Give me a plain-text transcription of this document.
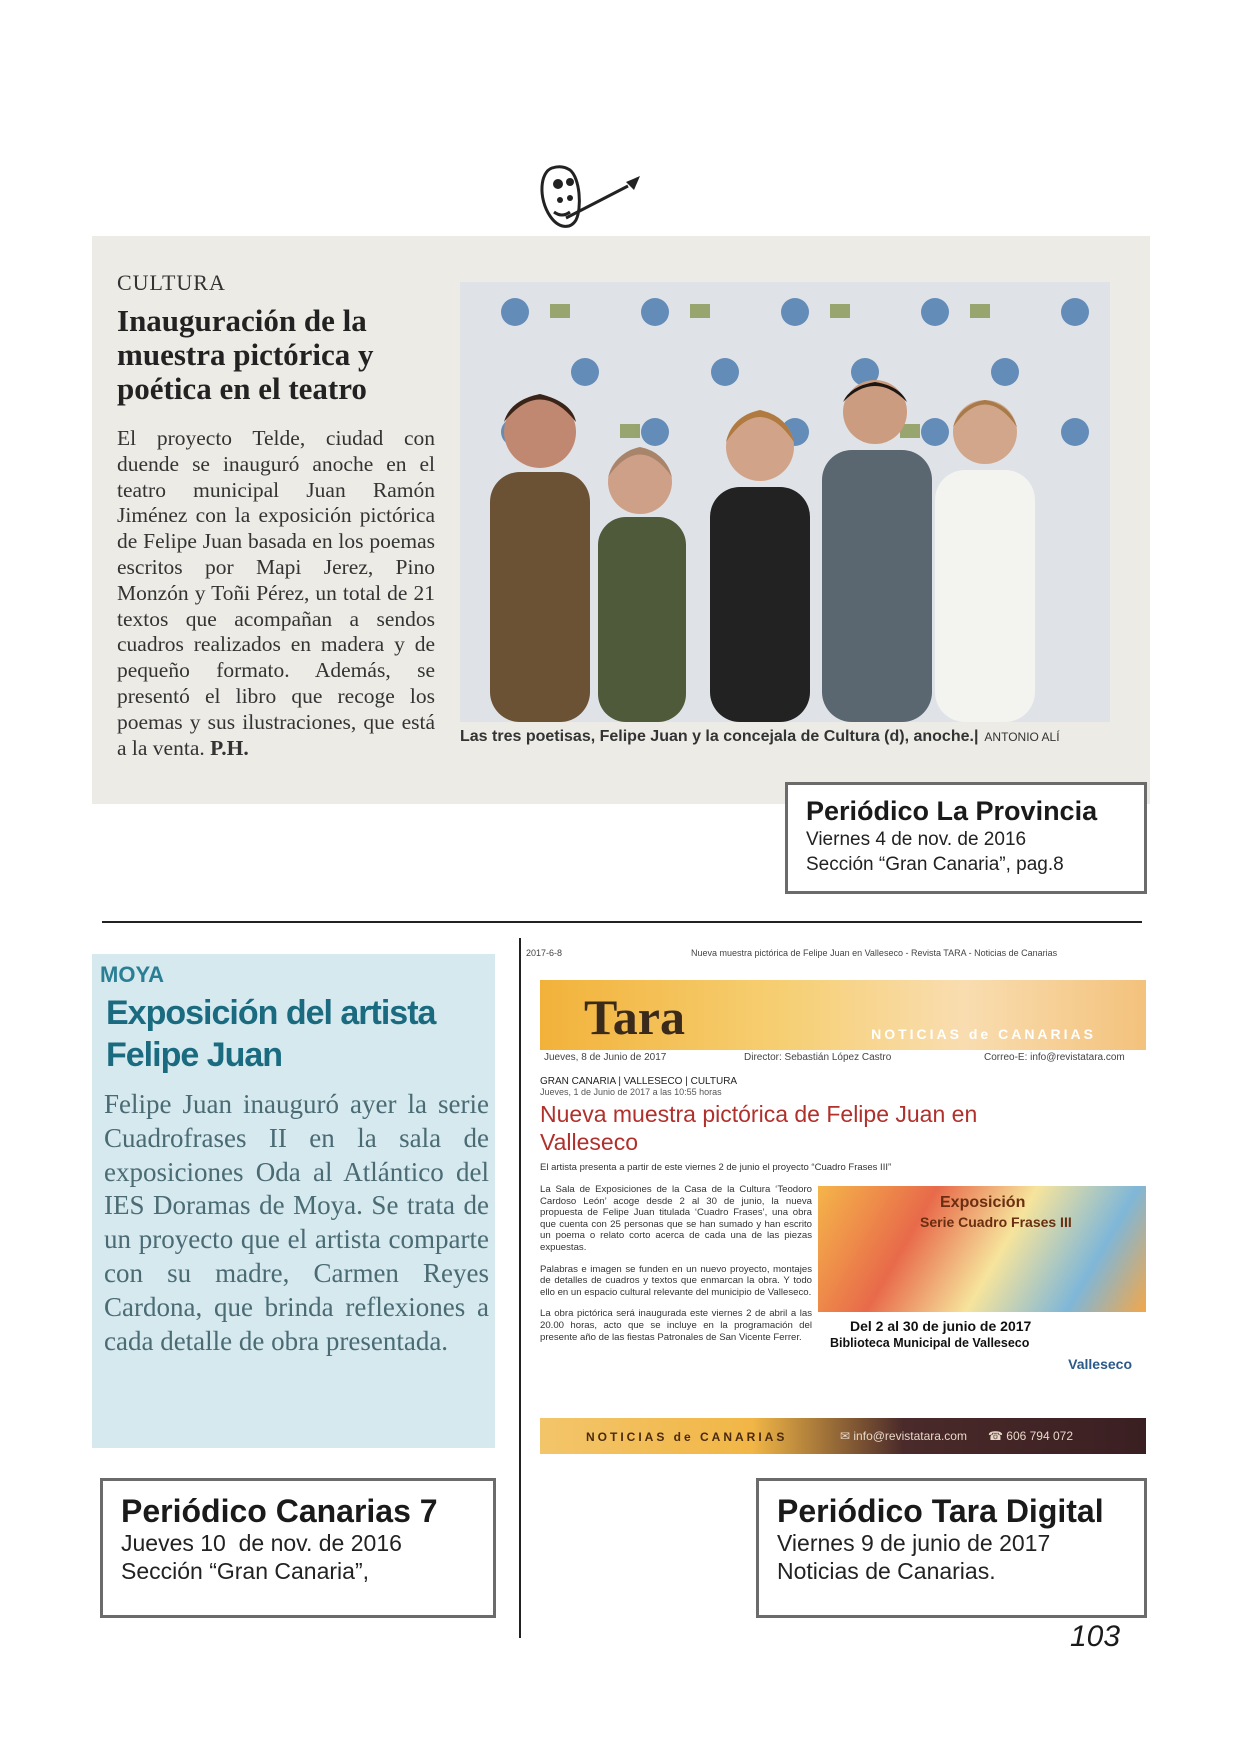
CULTURA
Inauguración de la muestra pictórica y poética en el teatro
El proyecto Telde, ciudad con duende se inauguró anoche en el teatro municipal Juan Ramón Jiménez con la exposición pictórica de Felipe Juan basada en los poemas escritos por Mapi Jerez, Pino Monzón y Toñi Pérez, un total de 21 textos que acompañan a sendos cuadros realizados en madera y de pequeño formato. Además, se presentó el libro que recoge los poemas y sus ilustraciones, que está a la venta. P.H.	Las tres poetisas, Felipe Juan y la concejala de Cultura (d), anoche.| ANTONIO ALÍ
Periódico La Provincia
Viernes 4 de nov. de 2016
Sección “Gran Canaria”, pag.8
MOYA
Exposición del artista Felipe Juan
Felipe Juan inauguró ayer la serie Cuadrofrases II en la sala de exposiciones Oda al Atlántico del IES Doramas de Moya. Se trata de un proyecto que el artista comparte con su madre, Carmen Reyes Cardona, que brinda reflexiones a cada detalle de obra presentada.
2017-6-8	Nueva muestra pictórica de Felipe Juan en Valleseco - Revista TARA - Noticias de Canarias
Tara	NOTICIAS de CANARIAS
Jueves, 8 de Junio de 2017	Director: Sebastián López Castro	Correo-E: info@revistatara.com
GRAN CANARIA | VALLESECO | CULTURA
Jueves, 1 de Junio de 2017 a las 10:55 horas
Nueva muestra pictórica de Felipe Juan en Valleseco
El artista presenta a partir de este viernes 2 de junio el proyecto “Cuadro Frases III”

La Sala de Exposiciones de la Casa de la Cultura ‘Teodoro Cardoso León’ acoge desde 2 al 30 de junio, la nueva propuesta de Felipe Juan titulada ‘Cuadro Frases’, una obra que cuenta con 25 personas que se han sumado y han escrito un poema o relato corto acerca de cada una de las piezas expuestas.

Palabras e imagen se funden en un nuevo proyecto, montajes de detalles de cuadros y textos que enmarcan la obra. Y todo ello en un espacio cultural relevante del municipio de Valleseco.

La obra pictórica será inaugurada este viernes 2 de abril a las 20.00 horas, acto que se incluye en la programación del presente año de las fiestas Patronales de San Vicente Ferrer.

Exposición
Serie Cuadro Frases III
Del 2 al 30 de junio de 2017
Biblioteca Municipal de Valleseco
Valleseco
NOTICIAS de CANARIAS	✉ info@revistatara.com ☎ 606 794 072
Periódico Canarias 7
Jueves 10  de nov. de 2016
Sección “Gran Canaria”,
Periódico Tara Digital
Viernes 9 de junio de 2017
Noticias de Canarias.
103
